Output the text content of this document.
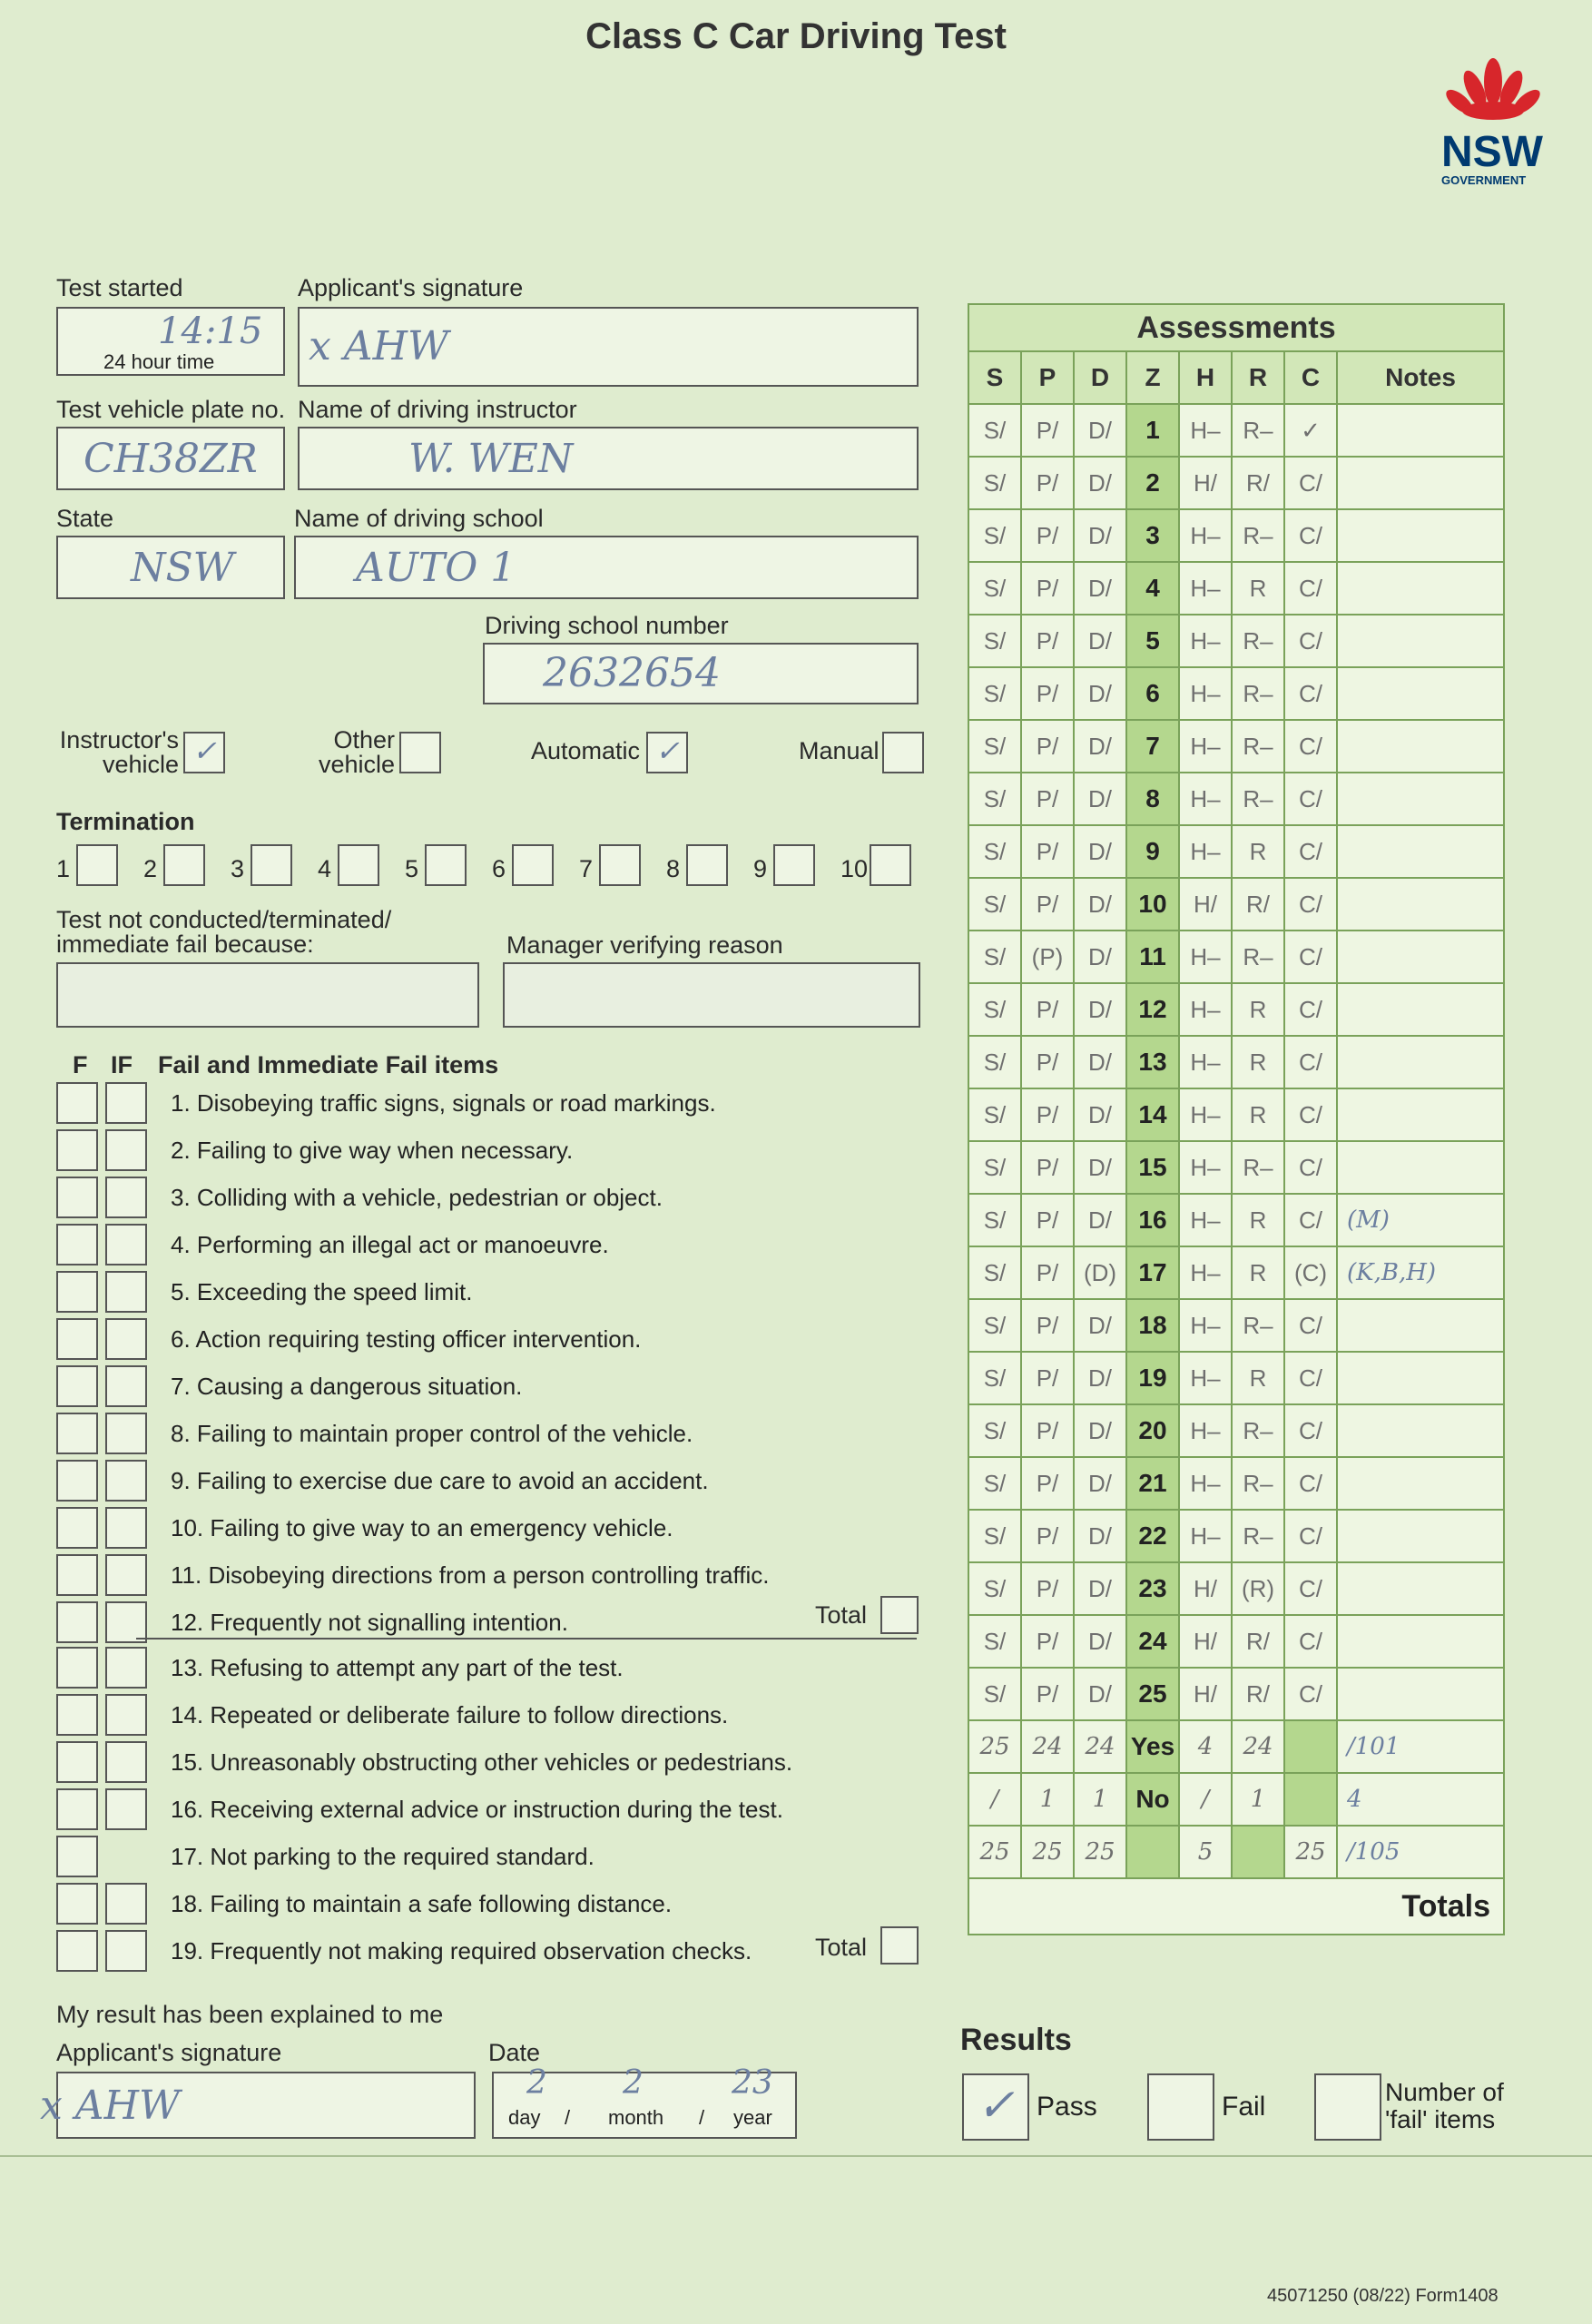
Class C Car Driving Test
NSW
GOVERNMENT
Test started
14:15
24 hour time
Applicant's signature
x AHW
Test vehicle plate no.
CH38ZR
Name of driving instructor
W. WEN
State
NSW
Name of driving school
AUTO 1
Driving school number
2632654
Instructor's vehicle ✓	Other vehicle	Automatic ✓	Manual
Termination
1	2	3	4	5	6	7	8	9	10
Test not conducted/terminated/ immediate fail because:	Manager verifying reason
F IF Fail and Immediate Fail items
1. Disobeying traffic signs, signals or road markings.
2. Failing to give way when necessary.
3. Colliding with a vehicle, pedestrian or object.
4. Performing an illegal act or manoeuvre.
5. Exceeding the speed limit.
6. Action requiring testing officer intervention.
7. Causing a dangerous situation.
8. Failing to maintain proper control of the vehicle.
9. Failing to exercise due care to avoid an accident.
10. Failing to give way to an emergency vehicle.
11. Disobeying directions from a person controlling traffic.
12. Frequently not signalling intention.
13. Refusing to attempt any part of the test.
14. Repeated or deliberate failure to follow directions.
15. Unreasonably obstructing other vehicles or pedestrians.
16. Receiving external advice or instruction during the test.
17. Not parking to the required standard.
18. Failing to maintain a safe following distance.
19. Frequently not making required observation checks.
Total
Total
Assessments							
S	P	D	Z	H	R	C	Notes
S/	P/	D/	1	H–	R–	✓	
S/	P/	D/	2	H/	R/	C/	
S/	P/	D/	3	H–	R–	C/	
S/	P/	D/	4	H–	R	C/	
S/	P/	D/	5	H–	R–	C/	
S/	P/	D/	6	H–	R–	C/	
S/	P/	D/	7	H–	R–	C/	
S/	P/	D/	8	H–	R–	C/	
S/	P/	D/	9	H–	R	C/	
S/	P/	D/	10	H/	R/	C/	
S/	(P)	D/	11	H–	R–	C/	
S/	P/	D/	12	H–	R	C/	
S/	P/	D/	13	H–	R	C/	
S/	P/	D/	14	H–	R	C/	
S/	P/	D/	15	H–	R–	C/	
S/	P/	D/	16	H–	R	C/	(M)
S/	P/	(D)	17	H–	R	(C)	(K,B,H)
S/	P/	D/	18	H–	R–	C/	
S/	P/	D/	19	H–	R	C/	
S/	P/	D/	20	H–	R–	C/	
S/	P/	D/	21	H–	R–	C/	
S/	P/	D/	22	H–	R–	C/	
S/	P/	D/	23	H/	(R)	C/	
S/	P/	D/	24	H/	R/	C/	
S/	P/	D/	25	H/	R/	C/	
25	24	24	Yes	4	24		/101
/	1	1	No	/	1		4
25	25	25		5		25	/105
Totals							
My result has been explained to me
Applicant's signature
x AHW
Date
2
day /
2
month /
23
year
Results
✓ Pass	Fail	Number of 'fail' items
45071250 (08/22) Form1408
